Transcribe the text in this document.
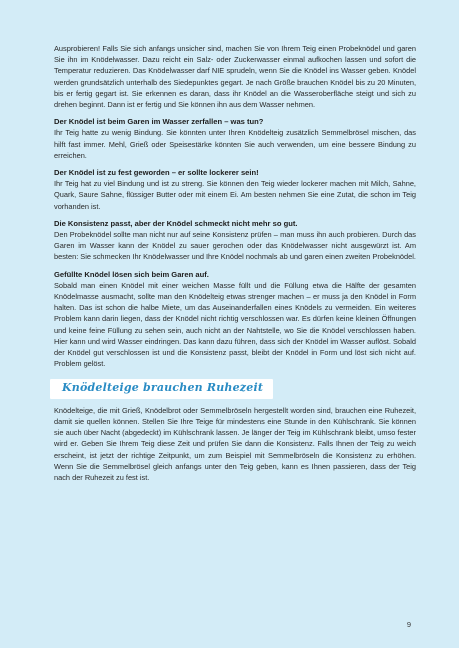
Ausprobieren! Falls Sie sich anfangs unsicher sind, machen Sie von Ihrem Teig einen Probeknödel und garen Sie ihn im Knödelwasser. Dazu reicht ein Salz- oder Zuckerwasser einmal aufkochen lassen und sofort die Temperatur reduzieren. Das Knödelwasser darf NIE sprudeln, wenn Sie die Knödel ins Wasser geben. Knödel werden grundsätzlich unterhalb des Siedepunktes gegart. Je nach Größe brauchen Knödel bis zu 20 Minuten, bis er fertig gegart ist. Sie erkennen es daran, dass ihr Knödel an die Wasseroberfläche steigt und sich zu drehen beginnt. Dann ist er fertig und Sie können ihn aus dem Wasser nehmen.

Der Knödel ist beim Garen im Wasser zerfallen – was tun?

Ihr Teig hatte zu wenig Bindung. Sie könnten unter Ihren Knödelteig zusätzlich Semmelbrösel mischen, das hilft fast immer. Mehl, Grieß oder Speisestärke könnten Sie auch verwenden, um eine bessere Bindung zu erreichen.

Der Knödel ist zu fest geworden – er sollte lockerer sein!

Ihr Teig hat zu viel Bindung und ist zu streng. Sie können den Teig wieder lockerer machen mit Milch, Sahne, Quark, Saure Sahne, flüssiger Butter oder mit einem Ei. Am besten nehmen Sie eine Zutat, die schon im Teig vorhanden ist.

Die Konsistenz passt, aber der Knödel schmeckt nicht mehr so gut.

Den Probeknödel sollte man nicht nur auf seine Konsistenz prüfen – man muss ihn auch probieren. Durch das Garen im Wasser kann der Knödel zu sauer gerochen oder das Knödelwasser nicht ausgewürzt ist. Am besten: Sie schmecken Ihr Knödelwasser und Ihre Knödel nochmals ab und garen einen zweiten Probeknödel.

Gefüllte Knödel lösen sich beim Garen auf.

Sobald man einen Knödel mit einer weichen Masse füllt und die Füllung etwa die Hälfte der gesamten Knödelmasse ausmacht, sollte man den Knödelteig etwas strenger machen – er muss ja den Knödel in Form halten. Das ist schon die halbe Miete, um das Auseinanderfallen eines Knödels zu vermeiden. Ein weiteres Problem kann darin liegen, dass der Knödel nicht richtig verschlossen war. Es dürfen keine kleinen Öffnungen und keine feine Füllung zu sehen sein, auch nicht an der Nahtstelle, wo Sie die Knödel verschlossen haben. Hier kann und wird Wasser eindringen. Das kann dazu führen, dass sich der Knödel im Wasser auflöst. Sobald der Knödel gut verschlossen ist und die Konsistenz passt, bleibt der Knödel in Form und löst sich nicht auf. Problem gelöst.

Knödelteige brauchen Ruhezeit

Knödelteige, die mit Grieß, Knödelbrot oder Semmelbröseln hergestellt worden sind, brauchen eine Ruhezeit, damit sie quellen können. Stellen Sie Ihre Teige für mindestens eine Stunde in den Kühlschrank. Sie können sie auch über Nacht (abgedeckt) im Kühlschrank lassen. Je länger der Teig im Kühlschrank bleibt, umso fester wird er. Geben Sie Ihrem Teig diese Zeit und prüfen Sie dann die Konsistenz. Falls Ihnen der Teig zu weich erscheint, ist jetzt der richtige Zeitpunkt, um zum Beispiel mit Semmelbröseln die Konsistenz zu erhöhen. Wenn Sie die Semmelbrösel gleich anfangs unter den Teig geben, kann es Ihnen passieren, dass der Teig nach der Ruhezeit zu fest ist.

9
